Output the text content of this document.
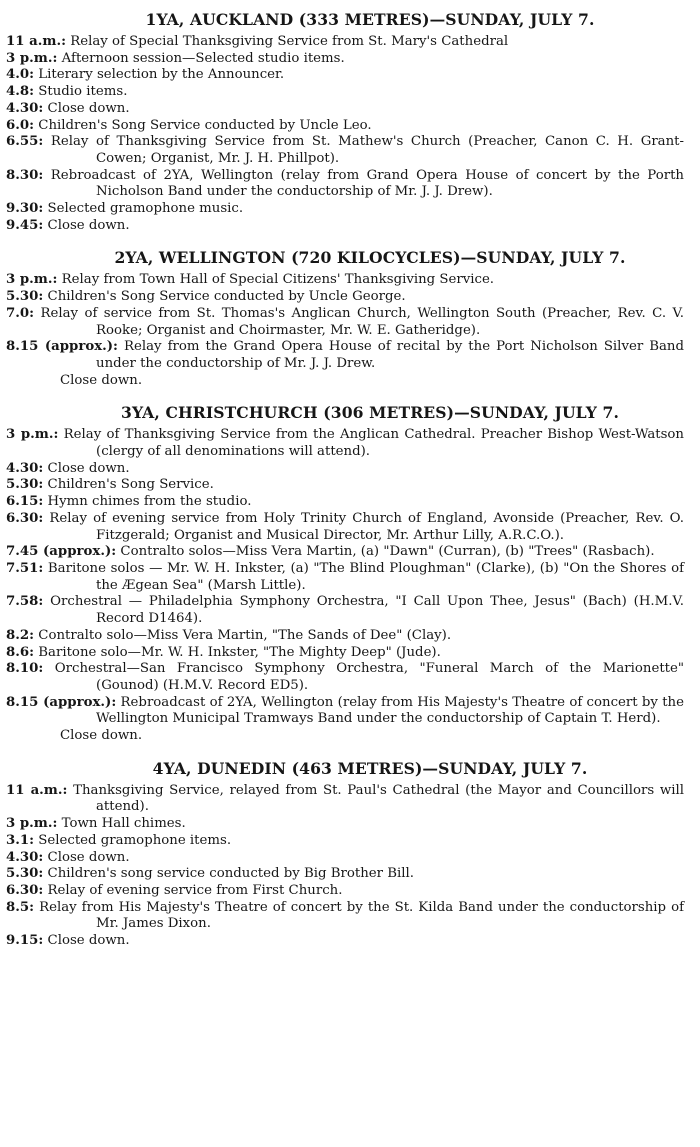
1YA, AUCKLAND (333 METRES)—SUNDAY, JULY 7.

11 a.m.: Relay of Special Thanksgiving Service from St. Mary's Cathedral

3 p.m.: Afternoon session—Selected studio items.

4.0: Literary selection by the Announcer.

4.8: Studio items.

4.30: Close down.

6.0: Children's Song Service conducted by Uncle Leo.

6.55: Relay of Thanksgiving Service from St. Mathew's Church (Preacher, Canon C. H. Grant-Cowen; Organist, Mr. J. H. Phillpot).

8.30: Rebroadcast of 2YA, Wellington (relay from Grand Opera House of concert by the Porth Nicholson Band under the conductorship of Mr. J. J. Drew).

9.30: Selected gramophone music.

9.45: Close down.

2YA, WELLINGTON (720 KILOCYCLES)—SUNDAY, JULY 7.

3 p.m.: Relay from Town Hall of Special Citizens' Thanksgiving Service.

5.30: Children's Song Service conducted by Uncle George.

7.0: Relay of service from St. Thomas's Anglican Church, Wellington South (Preacher, Rev. C. V. Rooke; Organist and Choirmaster, Mr. W. E. Gatheridge).

8.15 (approx.): Relay from the Grand Opera House of recital by the Port Nicholson Silver Band under the conductorship of Mr. J. J. Drew.

Close down.

3YA, CHRISTCHURCH (306 METRES)—SUNDAY, JULY 7.

3 p.m.: Relay of Thanksgiving Service from the Anglican Cathedral. Preacher Bishop West-Watson (clergy of all denominations will attend).

4.30: Close down.

5.30: Children's Song Service.

6.15: Hymn chimes from the studio.

6.30: Relay of evening service from Holy Trinity Church of England, Avonside (Preacher, Rev. O. Fitzgerald; Organist and Musical Director, Mr. Arthur Lilly, A.R.C.O.).

7.45 (approx.): Contralto solos—Miss Vera Martin, (a) "Dawn" (Curran), (b) "Trees" (Rasbach).

7.51: Baritone solos — Mr. W. H. Inkster, (a) "The Blind Ploughman" (Clarke), (b) "On the Shores of the Ægean Sea" (Marsh Little).

7.58: Orchestral — Philadelphia Symphony Orchestra, "I Call Upon Thee, Jesus" (Bach) (H.M.V. Record D1464).

8.2: Contralto solo—Miss Vera Martin, "The Sands of Dee" (Clay).

8.6: Baritone solo—Mr. W. H. Inkster, "The Mighty Deep" (Jude).

8.10: Orchestral—San Francisco Symphony Orchestra, "Funeral March of the Marionette" (Gounod) (H.M.V. Record ED5).

8.15 (approx.): Rebroadcast of 2YA, Wellington (relay from His Majesty's Theatre of concert by the Wellington Municipal Tramways Band under the conductorship of Captain T. Herd).

Close down.

4YA, DUNEDIN (463 METRES)—SUNDAY, JULY 7.

11 a.m.: Thanksgiving Service, relayed from St. Paul's Cathedral (the Mayor and Councillors will attend).

3 p.m.: Town Hall chimes.

3.1: Selected gramophone items.

4.30: Close down.

5.30: Children's song service conducted by Big Brother Bill.

6.30: Relay of evening service from First Church.

8.5: Relay from His Majesty's Theatre of concert by the St. Kilda Band under the conductorship of Mr. James Dixon.

9.15: Close down.
